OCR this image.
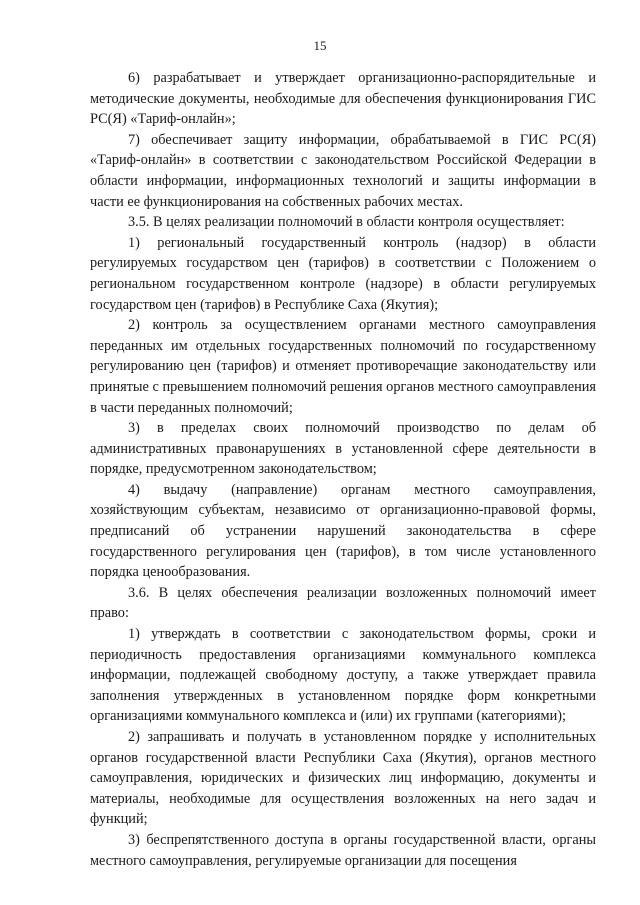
15

6) разрабатывает и утверждает организационно-распорядительные и методические документы, необходимые для обеспечения функционирования ГИС РС(Я) «Тариф-онлайн»;

7) обеспечивает защиту информации, обрабатываемой в ГИС РС(Я) «Тариф-онлайн» в соответствии с законодательством Российской Федерации в области информации, информационных технологий и защиты информации в части ее функционирования на собственных рабочих местах.

3.5. В целях реализации полномочий в области контроля осуществляет:

1) региональный государственный контроль (надзор) в области регулируемых государством цен (тарифов) в соответствии с Положением о региональном государственном контроле (надзоре) в области регулируемых государством цен (тарифов) в Республике Саха (Якутия);

2) контроль за осуществлением органами местного самоуправления переданных им отдельных государственных полномочий по государственному регулированию цен (тарифов) и отменяет противоречащие законодательству или принятые с превышением полномочий решения органов местного самоуправления в части переданных полномочий;

3) в пределах своих полномочий производство по делам об административных правонарушениях в установленной сфере деятельности в порядке, предусмотренном законодательством;

4) выдачу (направление) органам местного самоуправления, хозяйствующим субъектам, независимо от организационно-правовой формы, предписаний об устранении нарушений законодательства в сфере государственного регулирования цен (тарифов), в том числе установленного порядка ценообразования.

3.6. В целях обеспечения реализации возложенных полномочий имеет право:

1) утверждать в соответствии с законодательством формы, сроки и периодичность предоставления организациями коммунального комплекса информации, подлежащей свободному доступу, а также утверждает правила заполнения утвержденных в установленном порядке форм конкретными организациями коммунального комплекса и (или) их группами (категориями);

2) запрашивать и получать в установленном порядке у исполнительных органов государственной власти Республики Саха (Якутия), органов местного самоуправления, юридических и физических лиц информацию, документы и материалы, необходимые для осуществления возложенных на него задач и функций;

3) беспрепятственного доступа в органы государственной власти, органы местного самоуправления, регулируемые организации для посещения
